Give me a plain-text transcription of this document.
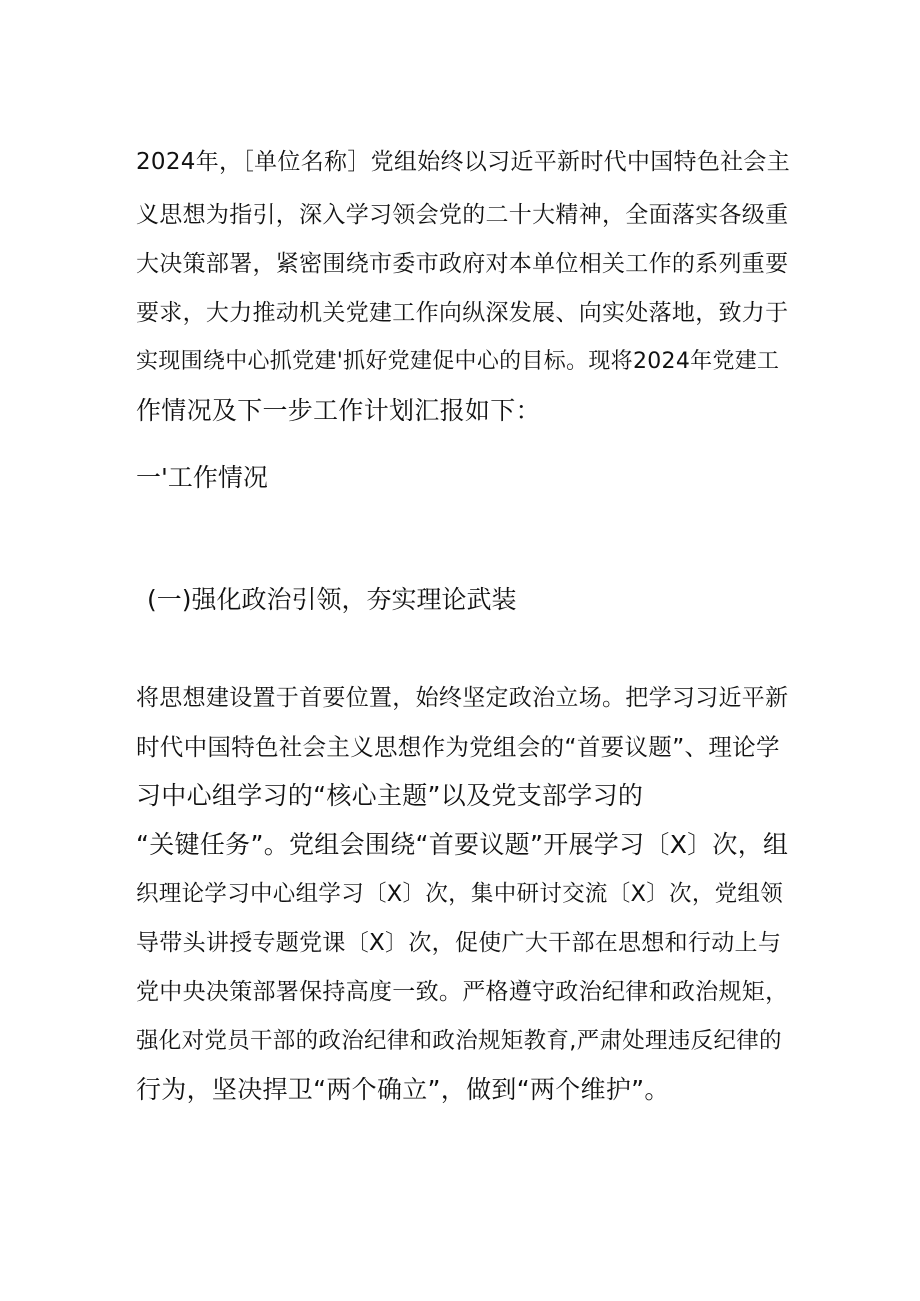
2024年，［单位名称］党组始终以习近平新时代中国特色社会主
义思想为指引，深入学习领会党的二十大精神，全面落实各级重
大决策部署，紧密围绕市委市政府对本单位相关工作的系列重要
要求，大力推动机关党建工作向纵深发展、向实处落地，致力于
实现围绕中心抓党建'抓好党建促中心的目标。现将2024年党建工
作情况及下一步工作计划汇报如下：
一'工作情况
(一)强化政治引领，夯实理论武装
将思想建设置于首要位置，始终坚定政治立场。把学习习近平新
时代中国特色社会主义思想作为党组会的“首要议题”、理论学
习中心组学习的“核心主题”以及党支部学习的
“关键任务”。党组会围绕“首要议题”开展学习〔X〕次，组
织理论学习中心组学习〔X〕次，集中研讨交流〔X〕次，党组领
导带头讲授专题党课〔X〕次，促使广大干部在思想和行动上与
党中央决策部署保持高度一致。严格遵守政治纪律和政治规矩，
强化对党员干部的政治纪律和政治规矩教育,严肃处理违反纪律的
行为，坚决捍卫“两个确立”，做到“两个维护”。
